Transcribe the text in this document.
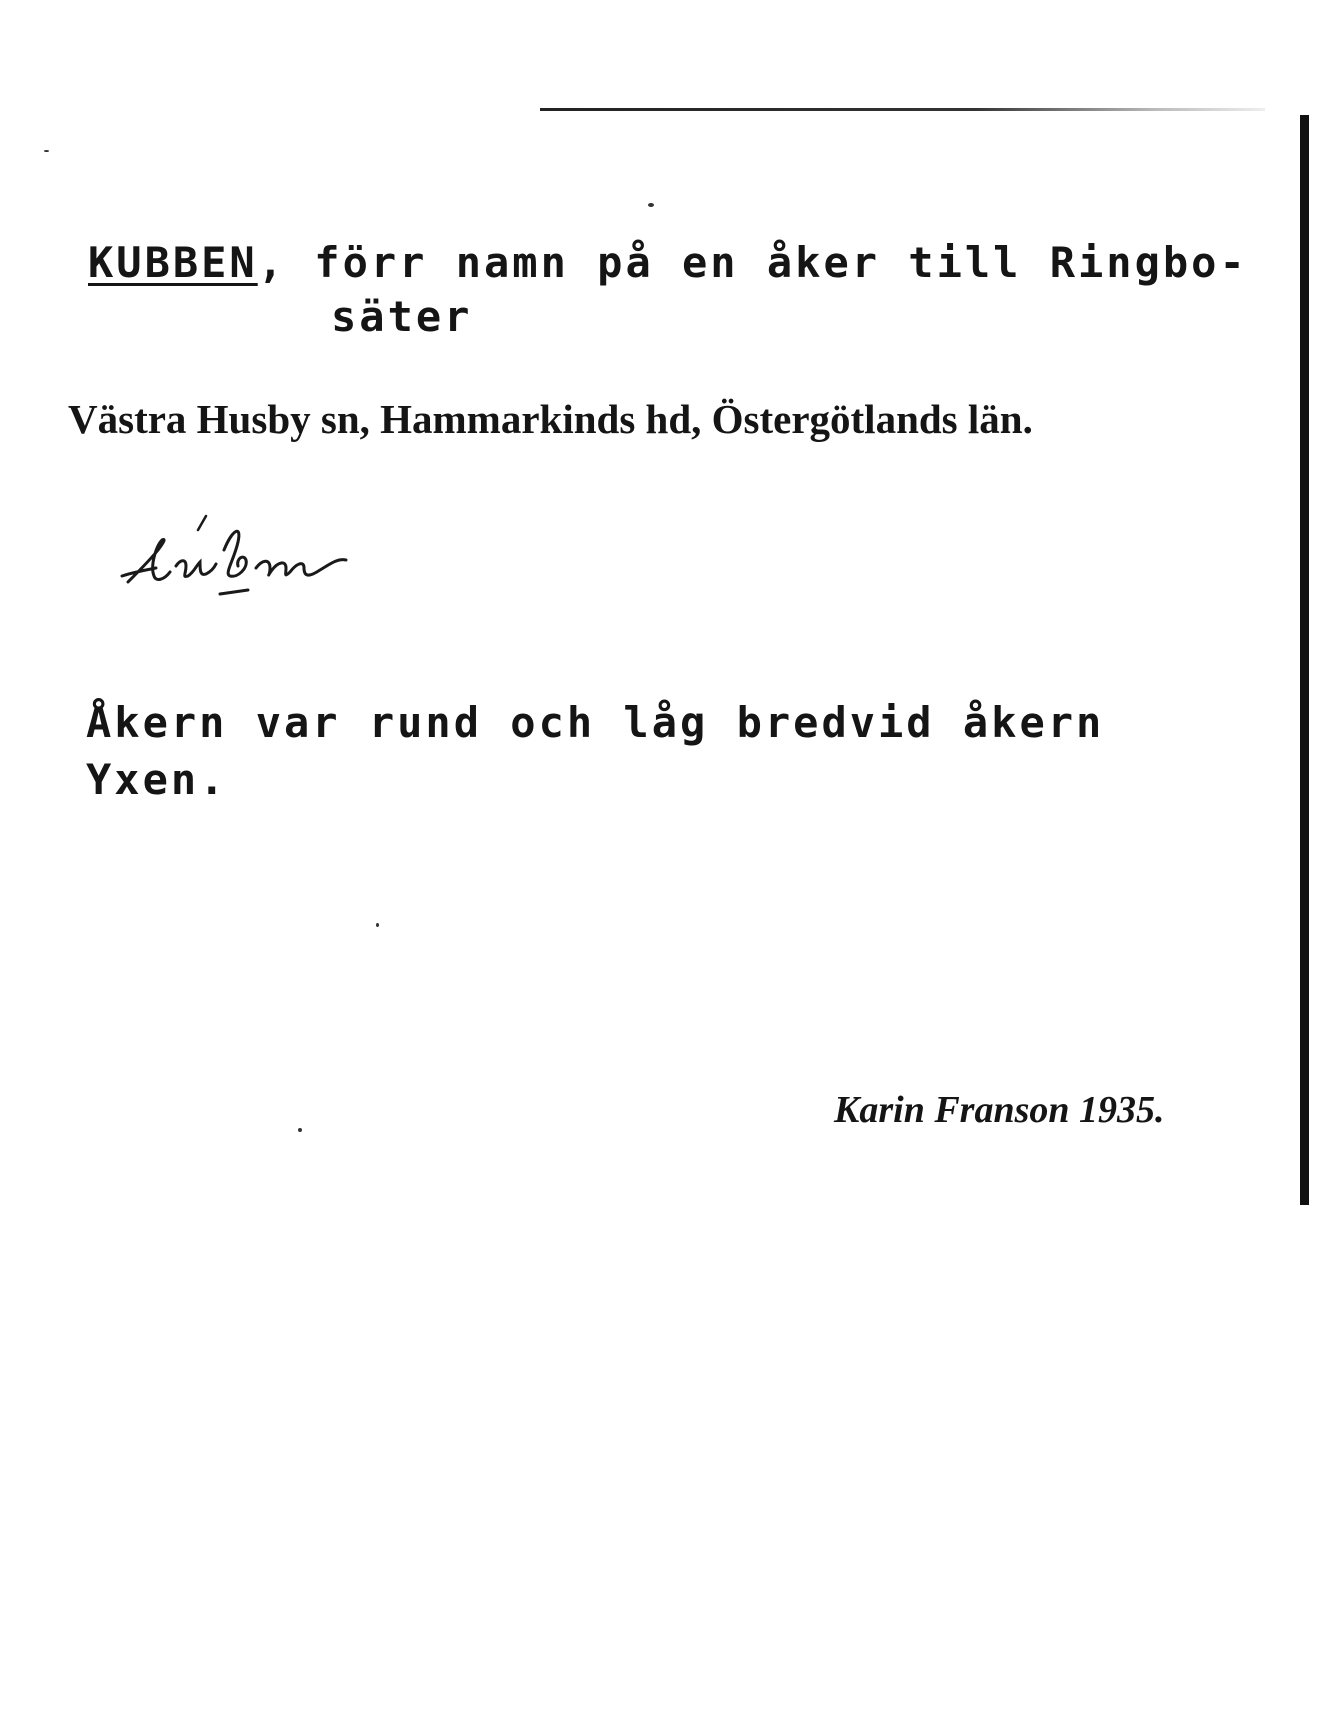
KUBBEN, förr namn på en åker till Ringbo-
säter
Västra Husby sn, Hammarkinds hd, Östergötlands län.
Åkern var rund och låg bredvid åkern
Yxen.
Karin Franson 1935.
